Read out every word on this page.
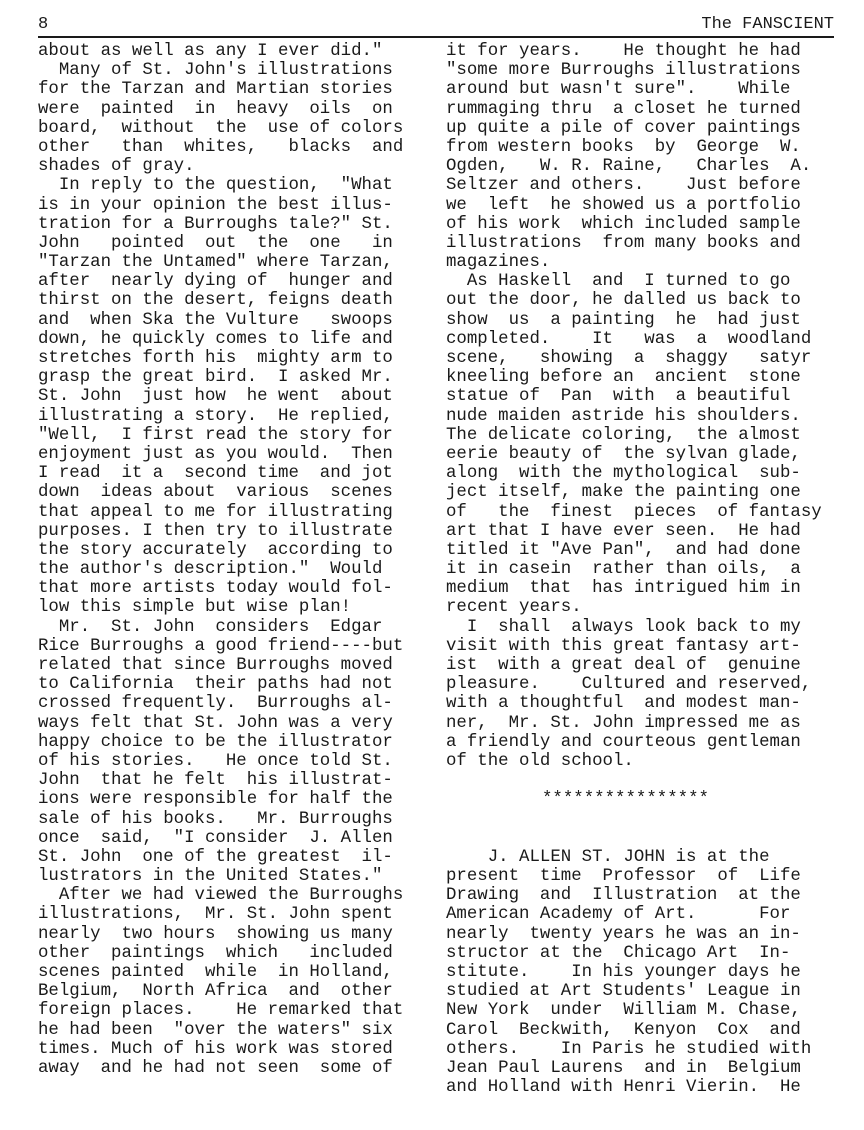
8	The FANSCIENT
about as well as any I ever did."
Many of St. John's illustrations
for the Tarzan and Martian stories
were  painted  in  heavy  oils  on
board,  without  the  use of colors
other   than  whites,   blacks  and
shades of gray.
In reply to the question,  "What
is in your opinion the best illus-
tration for a Burroughs tale?" St.
John   pointed  out  the  one   in
"Tarzan the Untamed" where Tarzan,
after  nearly dying of  hunger and
thirst on the desert, feigns death
and  when Ska the Vulture   swoops
down, he quickly comes to life and
stretches forth his  mighty arm to
grasp the great bird.  I asked Mr.
St. John  just how  he went  about
illustrating a story.  He replied,
"Well,  I first read the story for
enjoyment just as you would.  Then
I read  it a  second time  and jot
down  ideas about  various  scenes
that appeal to me for illustrating
purposes. I then try to illustrate
the story accurately  according to
the author's description."  Would
that more artists today would fol-
low this simple but wise plan!
Mr.  St. John  considers  Edgar
Rice Burroughs a good friend----but
related that since Burroughs moved
to California  their paths had not
crossed frequently.  Burroughs al-
ways felt that St. John was a very
happy choice to be the illustrator
of his stories.   He once told St.
John  that he felt  his illustrat-
ions were responsible for half the
sale of his books.   Mr. Burroughs
once  said,  "I consider  J. Allen
St. John  one of the greatest  il-
lustrators in the United States."
After we had viewed the Burroughs
illustrations,  Mr. St. John spent
nearly  two hours  showing us many
other  paintings  which   included
scenes painted  while  in Holland,
Belgium,  North Africa  and  other
foreign places.    He remarked that
he had been  "over the waters" six
times. Much of his work was stored
away  and he had not seen  some of
it for years.    He thought he had
"some more Burroughs illustrations
around but wasn't sure".    While
rummaging thru  a closet he turned
up quite a pile of cover paintings
from western books  by  George  W.
Ogden,   W. R. Raine,   Charles  A.
Seltzer and others.    Just before
we  left  he showed us a portfolio
of his work  which included sample
illustrations  from many books and
magazines.
As Haskell  and  I turned to go
out the door, he dalled us back to
show  us  a painting  he  had just
completed.    It   was  a  woodland
scene,   showing  a  shaggy   satyr
kneeling before an  ancient  stone
statue of  Pan  with  a beautiful
nude maiden astride his shoulders.
The delicate coloring,  the almost
eerie beauty of  the sylvan glade,
along  with the mythological  sub-
ject itself, make the painting one
of   the  finest  pieces  of fantasy
art that I have ever seen.  He had
titled it "Ave Pan",  and had done
it in casein  rather than oils,  a
medium  that  has intrigued him in
recent years.
I  shall  always look back to my
visit with this great fantasy art-
ist  with a great deal of  genuine
pleasure.    Cultured and reserved,
with a thoughtful  and modest man-
ner,  Mr. St. John impressed me as
a friendly and courteous gentleman
of the old school.
****************
J. ALLEN ST. JOHN is at the
present  time  Professor  of  Life
Drawing  and  Illustration  at the
American Academy of Art.      For
nearly  twenty years he was an in-
structor at the  Chicago Art  In-
stitute.    In his younger days he
studied at Art Students' League in
New York  under  William M. Chase,
Carol  Beckwith,  Kenyon  Cox  and
others.    In Paris he studied with
Jean Paul Laurens  and in  Belgium
and Holland with Henri Vierin.  He
